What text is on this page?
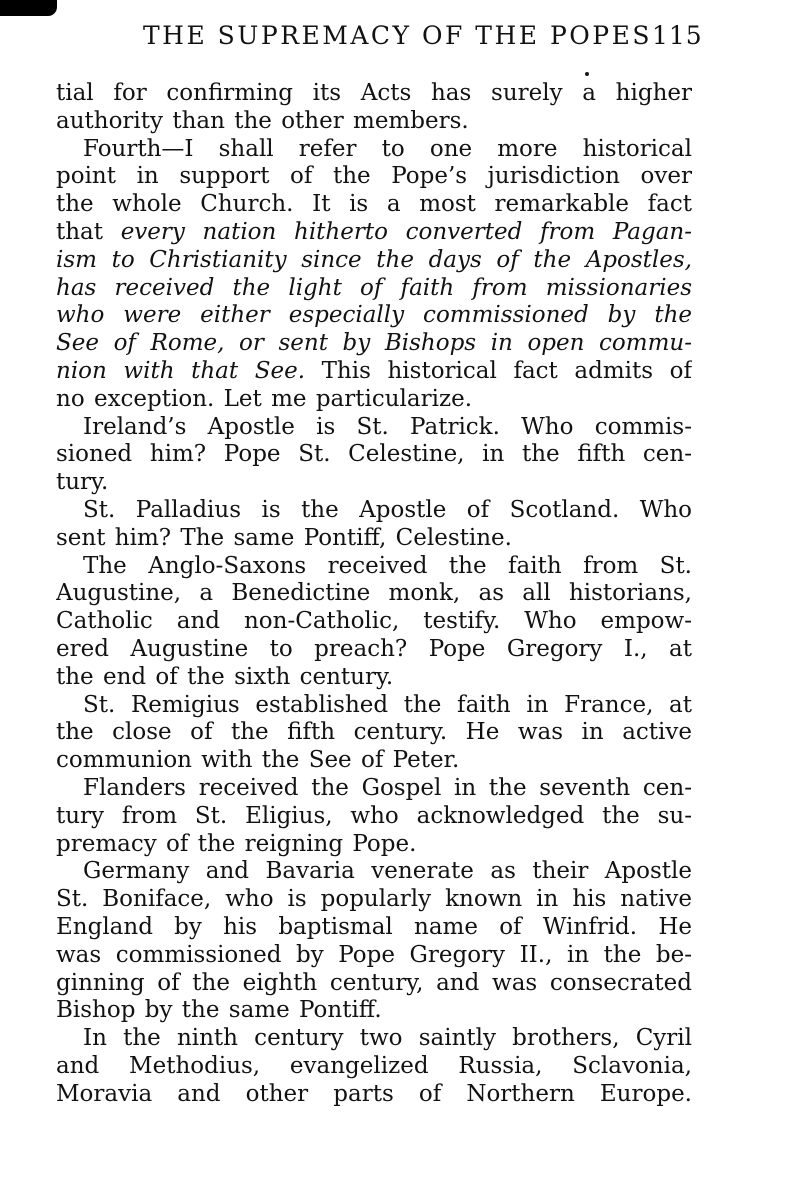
THE SUPREMACY OF THE POPES 115
tial for confirming its Acts has surely a higher
authority than the other members.
Fourth—I shall refer to one more historical
point in support of the Pope’s jurisdiction over
the whole Church. It is a most remarkable fact
that every nation hitherto converted from Pagan-
ism to Christianity since the days of the Apostles,
has received the light of faith from missionaries
who were either especially commissioned by the
See of Rome, or sent by Bishops in open commu-
nion with that See. This historical fact admits of
no exception. Let me particularize.
Ireland’s Apostle is St. Patrick. Who commis-
sioned him? Pope St. Celestine, in the fifth cen-
tury.
St. Palladius is the Apostle of Scotland. Who
sent him? The same Pontiff, Celestine.
The Anglo-Saxons received the faith from St.
Augustine, a Benedictine monk, as all historians,
Catholic and non-Catholic, testify. Who empow-
ered Augustine to preach? Pope Gregory I., at
the end of the sixth century.
St. Remigius established the faith in France, at
the close of the fifth century. He was in active
communion with the See of Peter.
Flanders received the Gospel in the seventh cen-
tury from St. Eligius, who acknowledged the su-
premacy of the reigning Pope.
Germany and Bavaria venerate as their Apostle
St. Boniface, who is popularly known in his native
England by his baptismal name of Winfrid. He
was commissioned by Pope Gregory II., in the be-
ginning of the eighth century, and was consecrated
Bishop by the same Pontiff.
In the ninth century two saintly brothers, Cyril
and Methodius, evangelized Russia, Sclavonia,
Moravia and other parts of Northern Europe.
